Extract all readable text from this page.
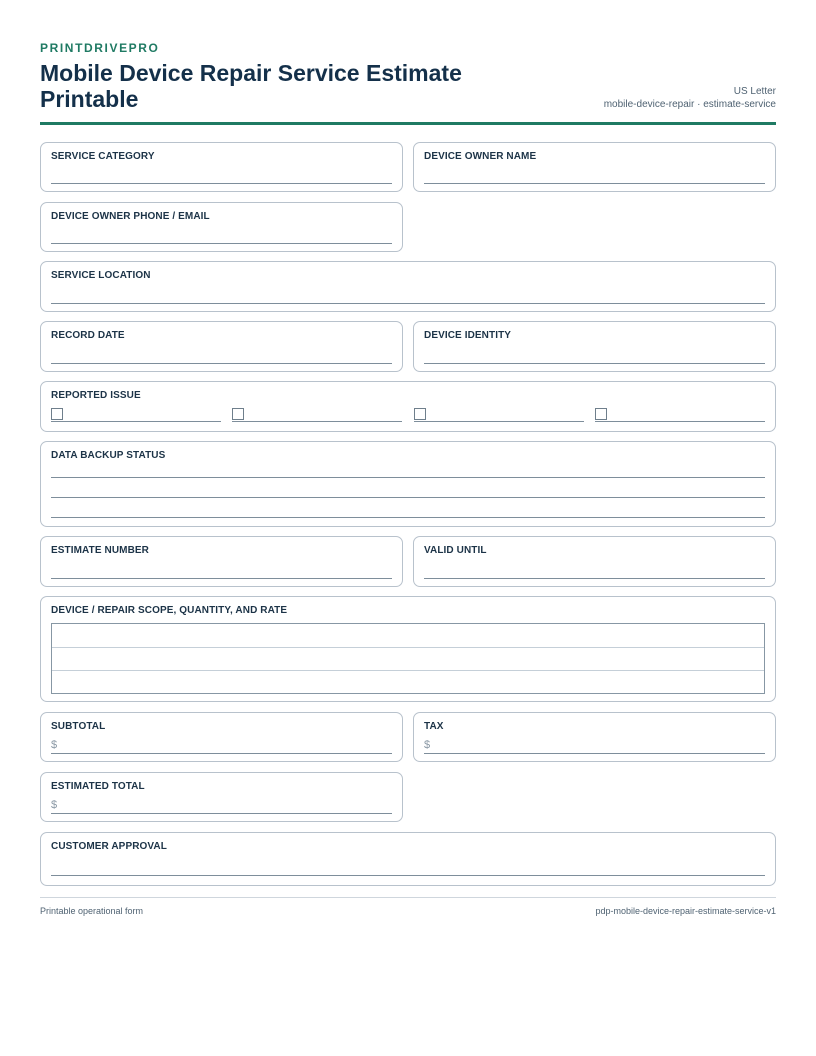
PRINTDRIVEPRO
Mobile Device Repair Service Estimate Printable	US Letter
mobile-device-repair · estimate-service
SERVICE CATEGORY	DEVICE OWNER NAME
DEVICE OWNER PHONE / EMAIL
SERVICE LOCATION
RECORD DATE	DEVICE IDENTITY
REPORTED ISSUE
DATA BACKUP STATUS
ESTIMATE NUMBER	VALID UNTIL
DEVICE / REPAIR SCOPE, QUANTITY, AND RATE
SUBTOTAL
$
TAX
$
ESTIMATED TOTAL
$
CUSTOMER APPROVAL
Printable operational form	pdp-mobile-device-repair-estimate-service-v1
